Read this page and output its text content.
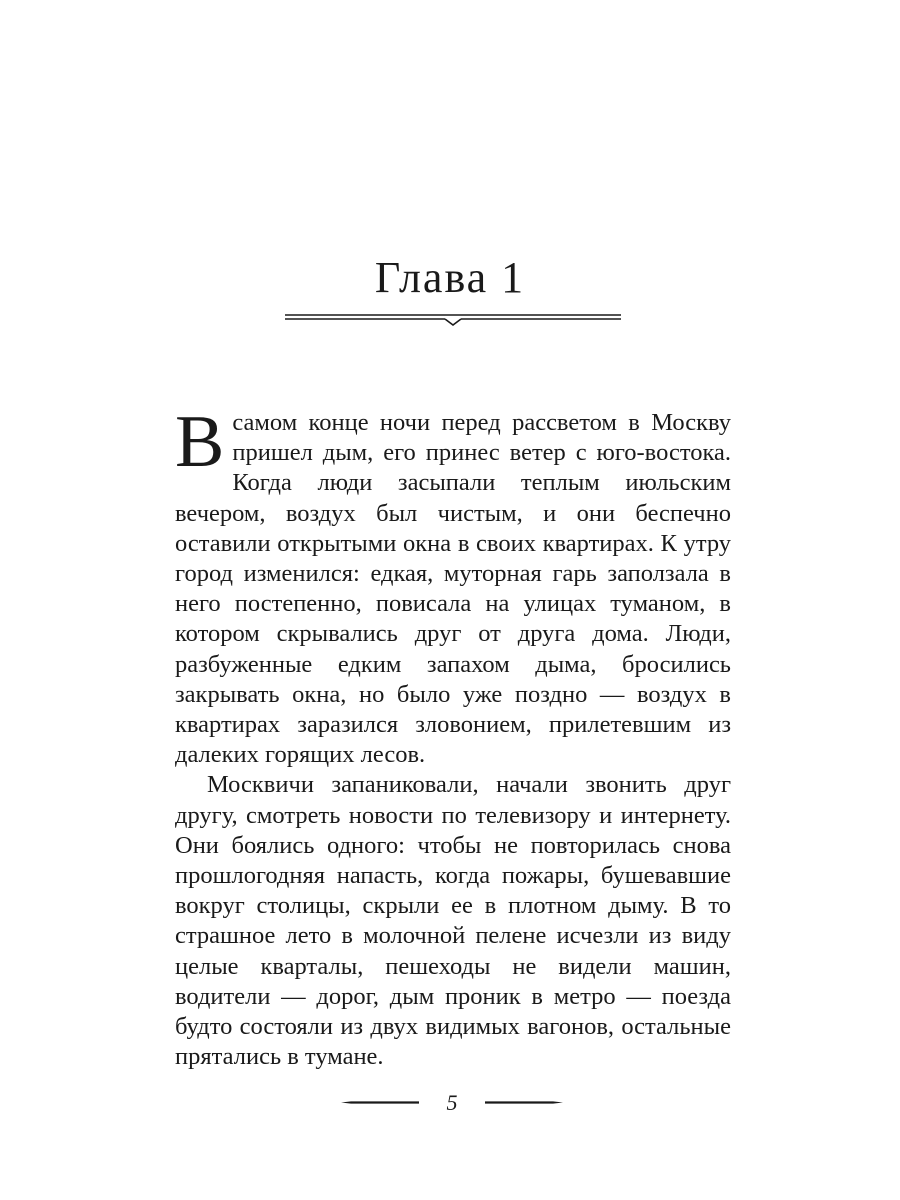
Глава 1

Всамом конце ночи перед рассветом в Москву пришел дым, его принес ветер с юго-востока. Когда люди засыпали теплым июльским вечером, воздух был чистым, и они беспечно оставили открытыми окна в своих квартирах. К утру город изменился: едкая, муторная гарь заползала в него постепенно, повисала на улицах туманом, в котором скрывались друг от друга дома. Люди, разбуженные едким запахом дыма, бросились закрывать окна, но было уже поздно — воздух в квартирах заразился зловонием, прилетевшим из далеких горящих лесов.

Москвичи запаниковали, начали звонить друг другу, смотреть новости по телевизору и интернету. Они боялись одного: чтобы не повторилась снова прошлогодняя напасть, когда пожары, бушевавшие вокруг столицы, скрыли ее в плотном дыму. В то страшное лето в молочной пелене исчезли из виду целые кварталы, пешеходы не видели машин, водители — дорог, дым проник в метро — поезда будто состояли из двух видимых вагонов, остальные прятались в тумане.

5
